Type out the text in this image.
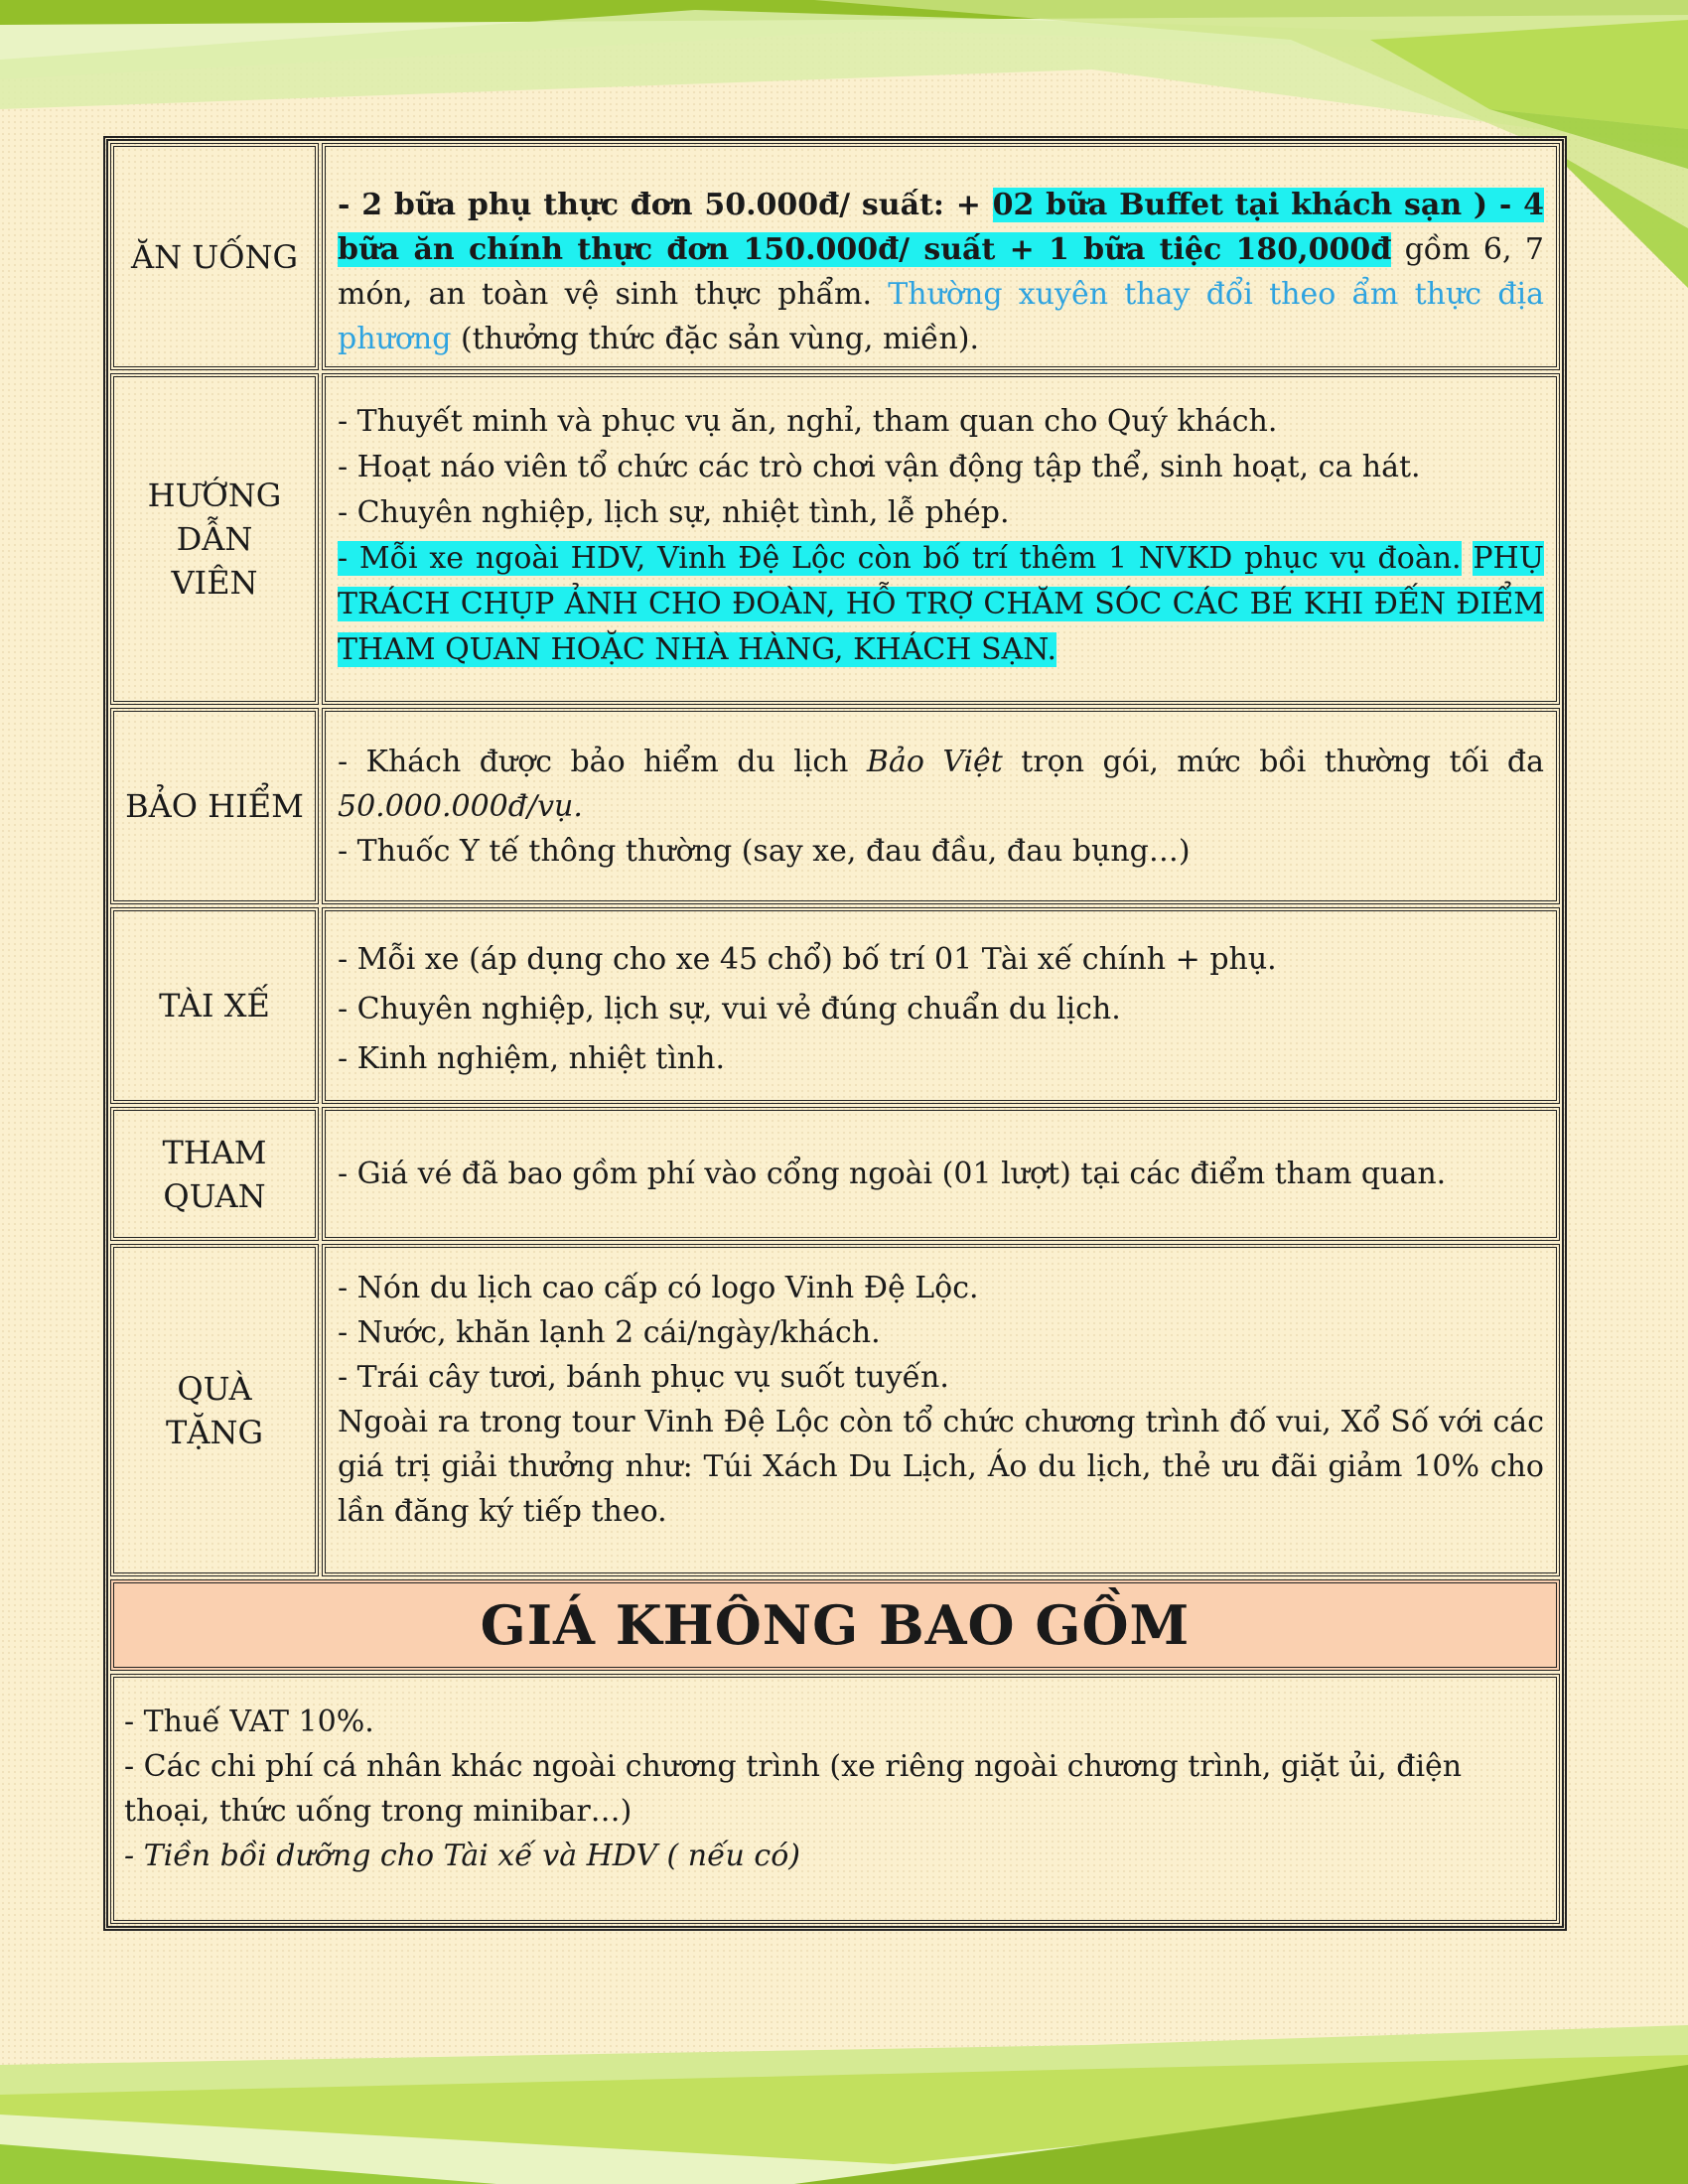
ĂN UỐNG

- 2 bữa phụ thực đơn 50.000đ/ suất: + 02 bữa Buffet tại khách sạn ) - 4 bữa ăn chính thực đơn 150.000đ/ suất + 1 bữa tiệc 180,000đ gồm 6, 7 món, an toàn vệ sinh thực phẩm. Thường xuyên thay đổi theo ẩm thực địa phương (thưởng thức đặc sản vùng, miền).

HƯỚNG DẪN VIÊN

- Thuyết minh và phục vụ ăn, nghỉ, tham quan cho Quý khách.

- Hoạt náo viên tổ chức các trò chơi vận động tập thể, sinh hoạt, ca hát.

- Chuyên nghiệp, lịch sự, nhiệt tình, lễ phép.

- Mỗi xe ngoài HDV, Vinh Đệ Lộc còn bố trí thêm 1 NVKD phục vụ đoàn. PHỤ TRÁCH CHỤP ẢNH CHO ĐOÀN, HỖ TRỢ CHĂM SÓC CÁC BÉ KHI ĐẾN ĐIỂM THAM QUAN HOẶC NHÀ HÀNG, KHÁCH SẠN.

BẢO HIỂM

- Khách được bảo hiểm du lịch Bảo Việt trọn gói, mức bồi thường tối đa 50.000.000đ/vụ.

- Thuốc Y tế thông thường (say xe, đau đầu, đau bụng…)

TÀI XẾ

- Mỗi xe (áp dụng cho xe 45 chổ) bố trí 01 Tài xế chính + phụ.

- Chuyên nghiệp, lịch sự, vui vẻ đúng chuẩn du lịch.

- Kinh nghiệm, nhiệt tình.

THAM QUAN

- Giá vé đã bao gồm phí vào cổng ngoài (01 lượt) tại các điểm tham quan.

QUÀ TẶNG

- Nón du lịch cao cấp có logo Vinh Đệ Lộc.

- Nước, khăn lạnh 2 cái/ngày/khách.

- Trái cây tươi, bánh phục vụ suốt tuyến.

Ngoài ra trong tour Vinh Đệ Lộc còn tổ chức chương trình đố vui, Xổ Số với các giá trị giải thưởng như: Túi Xách Du Lịch, Áo du lịch, thẻ ưu đãi giảm 10% cho lần đăng ký tiếp theo.

GIÁ KHÔNG BAO GỒM

- Thuế VAT 10%.

- Các chi phí cá nhân khác ngoài chương trình (xe riêng ngoài chương trình, giặt ủi, điện thoại, thức uống trong minibar…)

- Tiền bồi dưỡng cho Tài xế và HDV ( nếu có)
